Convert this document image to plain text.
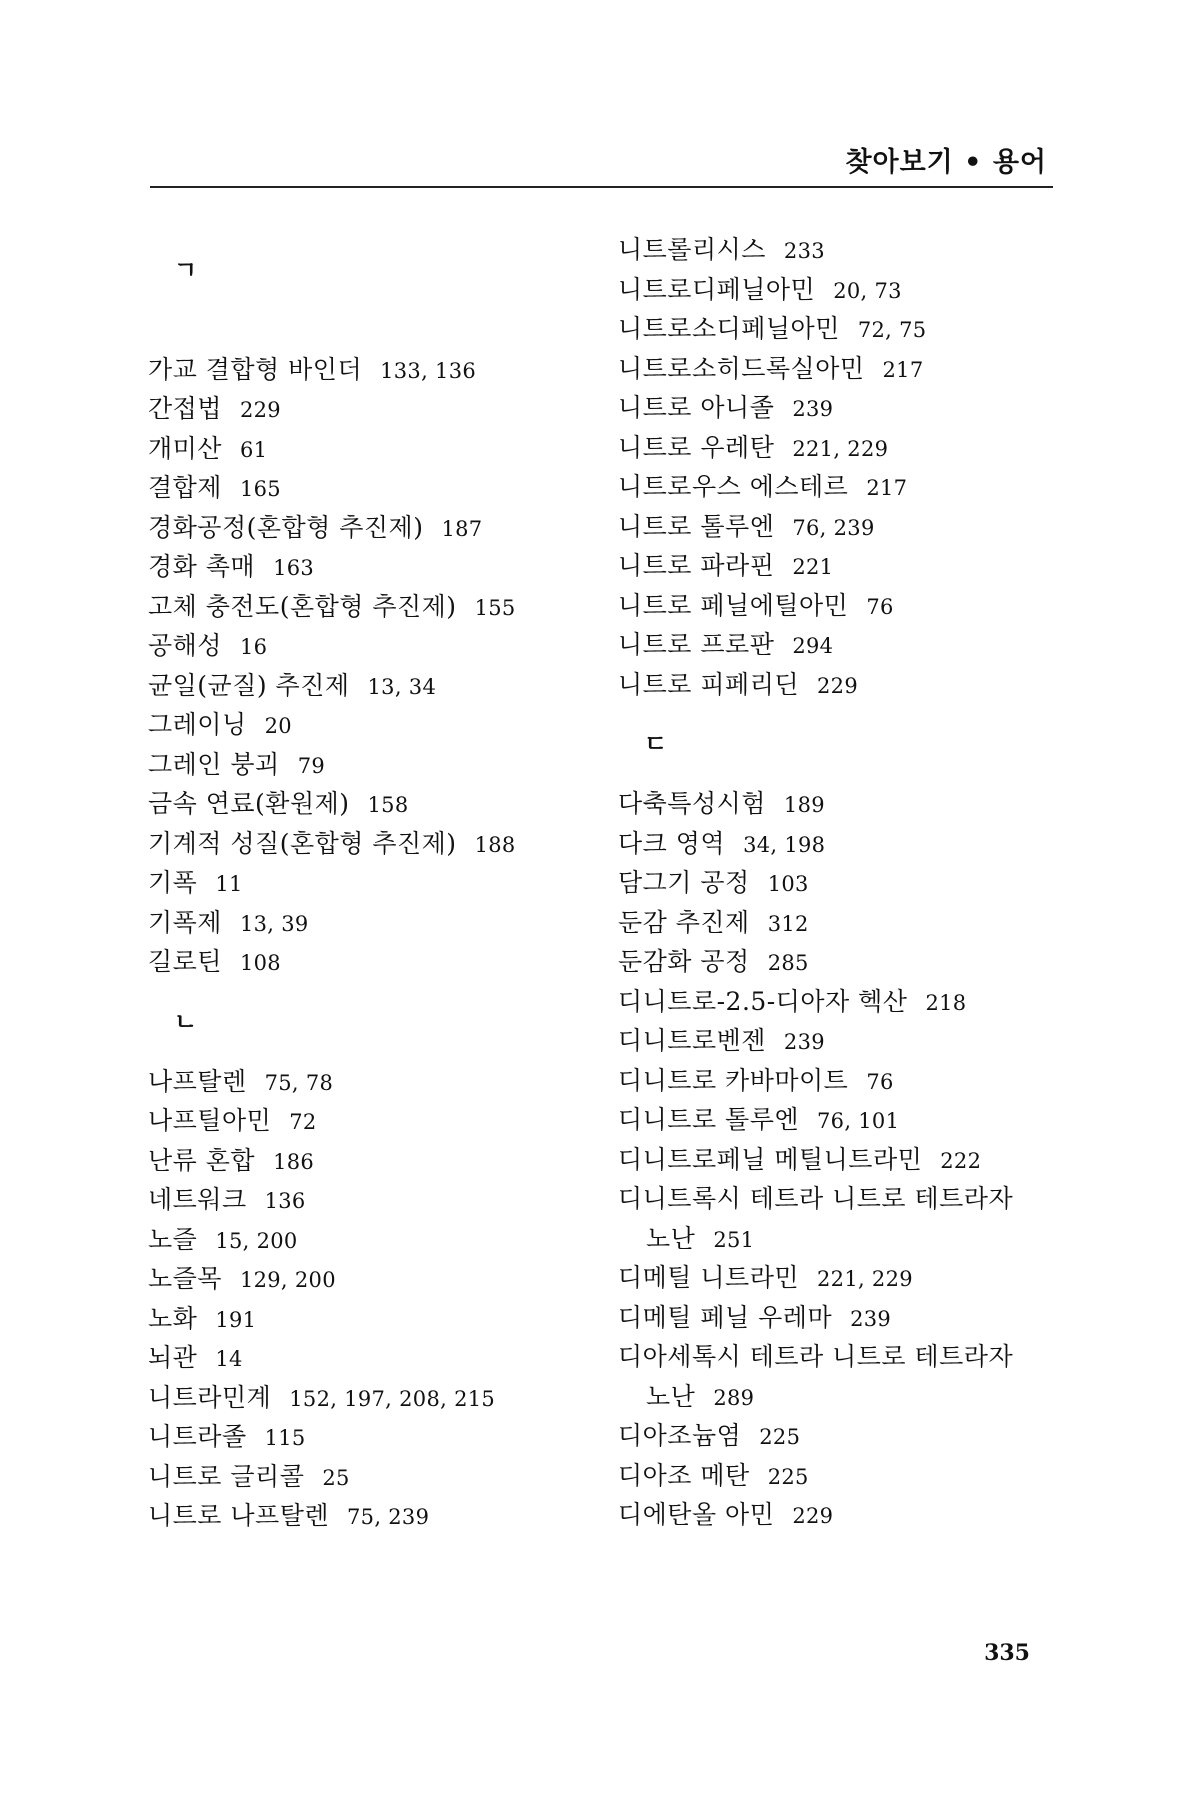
찾아보기 • 용어
ㄱ
가교 결합형 바인더 133, 136
간접법 229
개미산 61
결합제 165
경화공정(혼합형 추진제) 187
경화 촉매 163
고체 충전도(혼합형 추진제) 155
공해성 16
균일(균질) 추진제 13, 34
그레이닝 20
그레인 붕괴 79
금속 연료(환원제) 158
기계적 성질(혼합형 추진제) 188
기폭 11
기폭제 13, 39
길로틴 108
ㄴ
나프탈렌 75, 78
나프틸아민 72
난류 혼합 186
네트워크 136
노즐 15, 200
노즐목 129, 200
노화 191
뇌관 14
니트라민계 152, 197, 208, 215
니트라졸 115
니트로 글리콜 25
니트로 나프탈렌 75, 239
니트롤리시스 233
니트로디페닐아민 20, 73
니트로소디페닐아민 72, 75
니트로소히드록실아민 217
니트로 아니졸 239
니트로 우레탄 221, 229
니트로우스 에스테르 217
니트로 톨루엔 76, 239
니트로 파라핀 221
니트로 페닐에틸아민 76
니트로 프로판 294
니트로 피페리딘 229
ㄷ
다축특성시험 189
다크 영역 34, 198
담그기 공정 103
둔감 추진제 312
둔감화 공정 285
디니트로-2.5-디아자 헥산 218
디니트로벤젠 239
디니트로 카바마이트 76
디니트로 톨루엔 76, 101
디니트로페닐 메틸니트라민 222
디니트록시 테트라 니트로 테트라자
노난 251
디메틸 니트라민 221, 229
디메틸 페닐 우레마 239
디아세톡시 테트라 니트로 테트라자
노난 289
디아조늄염 225
디아조 메탄 225
디에탄올 아민 229
335
